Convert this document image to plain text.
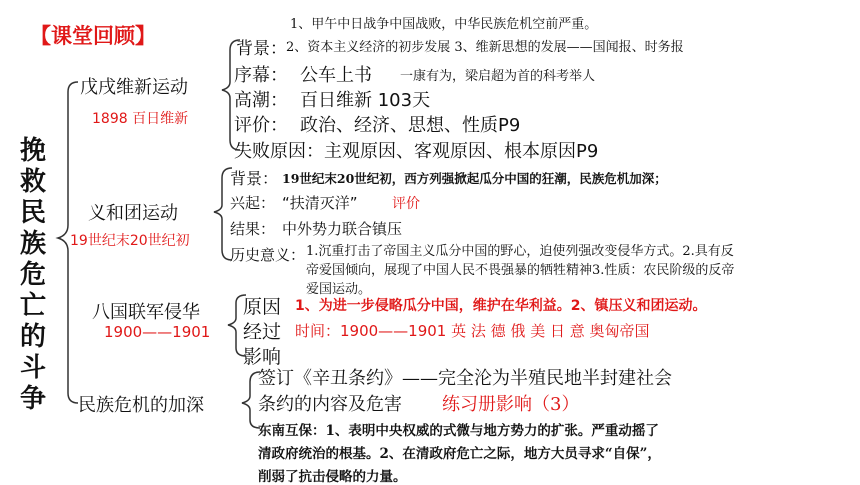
【课堂回顾】
挽救民族危亡的斗争
1、甲午中日战争中国战败，中华民族危机空前严重。
戊戌维新运动
1898 百日维新
背景： 2、资本主义经济的初步发展 3、维新思想的发展——国闻报、时务报
序幕： 公车上书 一康有为，梁启超为首的科考举人
高潮： 百日维新 103天
评价： 政治、经济、思想、性质P9
失败原因：主观原因、客观原因、根本原因P9
义和团运动
19世纪末20世纪初
背景： 19世纪末20世纪初，西方列强掀起瓜分中国的狂潮，民族危机加深；
兴起： “扶清灭洋” 评价
结果： 中外势力联合镇压
历史意义： 1.沉重打击了帝国主义瓜分中国的野心，迫使列强改变侵华方式。2.具有反
帝爱国倾向，展现了中国人民不畏强暴的牺牲精神3.性质：农民阶级的反帝
爱国运动。
八国联军侵华
1900——1901
原因 1、为进一步侵略瓜分中国，维护在华利益。2、镇压义和团运动。
经过 时间：1900——1901 英 法 德 俄 美 日 意 奥匈帝国
影响
民族危机的加深
签订《辛丑条约》——完全沦为半殖民地半封建社会
条约的内容及危害 练习册影响（3）
东南互保：1、表明中央权威的式微与地方势力的扩张。严重动摇了
清政府统治的根基。2、在清政府危亡之际，地方大员寻求“自保”，
削弱了抗击侵略的力量。
